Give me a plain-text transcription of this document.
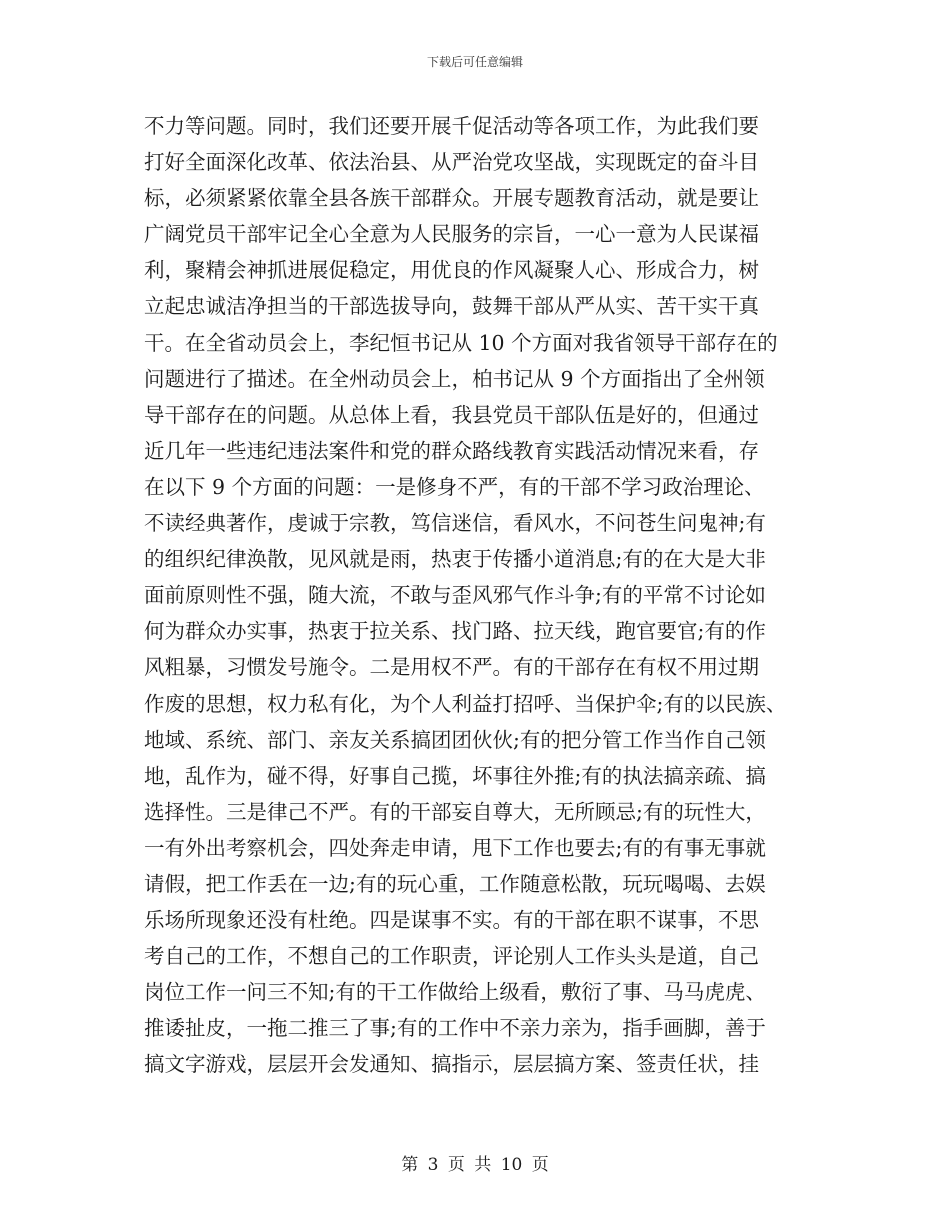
下载后可任意编辑
不力等问题。同时，我们还要开展千促活动等各项工作，为此我们要
打好全面深化改革、依法治县、从严治党攻坚战，实现既定的奋斗目
标，必须紧紧依靠全县各族干部群众。开展专题教育活动，就是要让
广阔党员干部牢记全心全意为人民服务的宗旨，一心一意为人民谋福
利，聚精会神抓进展促稳定，用优良的作风凝聚人心、形成合力，树
立起忠诚洁净担当的干部选拔导向，鼓舞干部从严从实、苦干实干真
干。在全省动员会上，李纪恒书记从 10 个方面对我省领导干部存在的
问题进行了描述。在全州动员会上，柏书记从 9 个方面指出了全州领
导干部存在的问题。从总体上看，我县党员干部队伍是好的，但通过
近几年一些违纪违法案件和党的群众路线教育实践活动情况来看，存
在以下 9 个方面的问题：一是修身不严，有的干部不学习政治理论、
不读经典著作，虔诚于宗教，笃信迷信，看风水，不问苍生问鬼神;有
的组织纪律涣散，见风就是雨，热衷于传播小道消息;有的在大是大非
面前原则性不强，随大流，不敢与歪风邪气作斗争;有的平常不讨论如
何为群众办实事，热衷于拉关系、找门路、拉天线，跑官要官;有的作
风粗暴，习惯发号施令。二是用权不严。有的干部存在有权不用过期
作废的思想，权力私有化，为个人利益打招呼、当保护伞;有的以民族、
地域、系统、部门、亲友关系搞团团伙伙;有的把分管工作当作自己领
地，乱作为，碰不得，好事自己揽，坏事往外推;有的执法搞亲疏、搞
选择性。三是律己不严。有的干部妄自尊大，无所顾忌;有的玩性大，
一有外出考察机会，四处奔走申请，甩下工作也要去;有的有事无事就
请假，把工作丢在一边;有的玩心重，工作随意松散，玩玩喝喝、去娱
乐场所现象还没有杜绝。四是谋事不实。有的干部在职不谋事，不思
考自己的工作，不想自己的工作职责，评论别人工作头头是道，自己
岗位工作一问三不知;有的干工作做给上级看，敷衍了事、马马虎虎、
推诿扯皮，一拖二推三了事;有的工作中不亲力亲为，指手画脚，善于
搞文字游戏，层层开会发通知、搞指示，层层搞方案、签责任状，挂
第 3 页 共 10 页
